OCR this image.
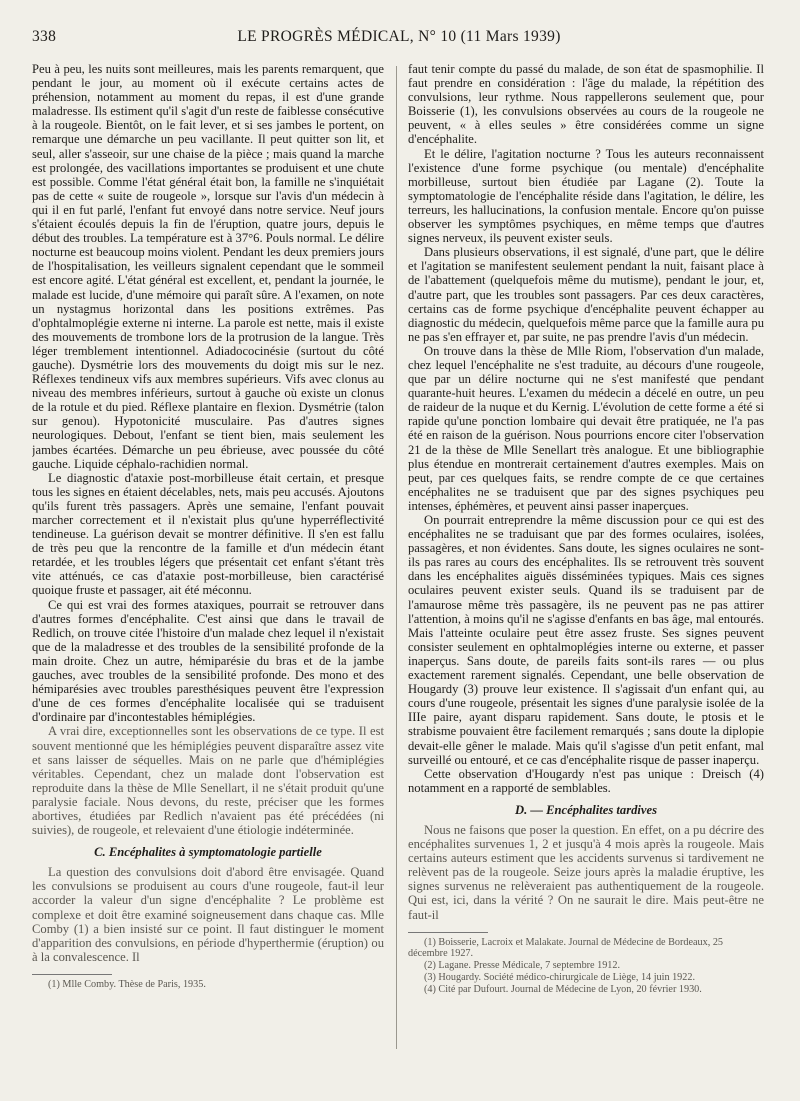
338	LE PROGRÈS MÉDICAL, N° 10 (11 Mars 1939)

Peu à peu, les nuits sont meilleures, mais les parents remarquent, que pendant le jour, au moment où il exécute certains actes de préhension, notamment au moment du repas, il est d'une grande maladresse. Ils estiment qu'il s'agit d'un reste de faiblesse consécutive à la rougeole. Bientôt, on le fait lever, et si ses jambes le portent, on remarque une démarche un peu vacillante. Il peut quitter son lit, et seul, aller s'asseoir, sur une chaise de la pièce ; mais quand la marche est prolongée, des vacillations importantes se produisent et une chute est possible. Comme l'état général était bon, la famille ne s'inquiétait pas de cette « suite de rougeole », lorsque sur l'avis d'un médecin à qui il en fut parlé, l'enfant fut envoyé dans notre service. Neuf jours s'étaient écoulés depuis la fin de l'éruption, quatre jours, depuis le début des troubles. La température est à 37°6. Pouls normal. Le délire nocturne est beaucoup moins violent. Pendant les deux premiers jours de l'hospitalisation, les veilleurs signalent cependant que le sommeil est encore agité. L'état général est excellent, et, pendant la journée, le malade est lucide, d'une mémoire qui paraît sûre. A l'examen, on note un nystagmus horizontal dans les positions extrêmes. Pas d'ophtalmoplégie externe ni interne. La parole est nette, mais il existe des mouvements de trombone lors de la protrusion de la langue. Très léger tremblement intentionnel. Adiadococinésie (surtout du côté gauche). Dysmétrie lors des mouvements du doigt mis sur le nez. Réflexes tendineux vifs aux membres supérieurs. Vifs avec clonus au niveau des membres inférieurs, surtout à gauche où existe un clonus de la rotule et du pied. Réflexe plantaire en flexion. Dysmétrie (talon sur genou). Hypotonicité musculaire. Pas d'autres signes neurologiques. Debout, l'enfant se tient bien, mais seulement les jambes écartées. Démarche un peu ébrieuse, avec poussée du côté gauche. Liquide céphalo-rachidien normal.

Le diagnostic d'ataxie post-morbilleuse était certain, et presque tous les signes en étaient décelables, nets, mais peu accusés. Ajoutons qu'ils furent très passagers. Après une semaine, l'enfant pouvait marcher correctement et il n'existait plus qu'une hyperréflectivité tendineuse. La guérison devait se montrer définitive. Il s'en est fallu de très peu que la rencontre de la famille et d'un médecin étant retardée, et les troubles légers que présentait cet enfant s'étant très vite atténués, ce cas d'ataxie post-morbilleuse, bien caractérisé quoique fruste et passager, ait été méconnu.

Ce qui est vrai des formes ataxiques, pourrait se retrouver dans d'autres formes d'encéphalite. C'est ainsi que dans le travail de Redlich, on trouve citée l'histoire d'un malade chez lequel il n'existait que de la maladresse et des troubles de la sensibilité profonde de la main droite. Chez un autre, hémiparésie du bras et de la jambe gauches, avec troubles de la sensibilité profonde. Des mono et des hémiparésies avec troubles paresthésiques peuvent être l'expression d'une de ces formes d'encéphalite localisée qui se traduisent d'ordinaire par d'incontestables hémiplégies.

A vrai dire, exceptionnelles sont les observations de ce type. Il est souvent mentionné que les hémiplégies peuvent disparaître assez vite et sans laisser de séquelles. Mais on ne parle que d'hémiplégies véritables. Cependant, chez un malade dont l'observation est reproduite dans la thèse de Mlle Senellart, il ne s'était produit qu'une paralysie faciale. Nous devons, du reste, préciser que les formes abortives, étudiées par Redlich n'avaient pas été précédées (ni suivies), de rougeole, et relevaient d'une étiologie indéterminée.

C. Encéphalites à symptomatologie partielle

La question des convulsions doit d'abord être envisagée. Quand les convulsions se produisent au cours d'une rougeole, faut-il leur accorder la valeur d'un signe d'encéphalite ? Le problème est complexe et doit être examiné soigneusement dans chaque cas. Mlle Comby (1) a bien insisté sur ce point. Il faut distinguer le moment d'apparition des convulsions, en période d'hyperthermie (éruption) ou à la convalescence. Il

(1) Mlle Comby. Thèse de Paris, 1935.

faut tenir compte du passé du malade, de son état de spasmophilie. Il faut prendre en considération : l'âge du malade, la répétition des convulsions, leur rythme. Nous rappellerons seulement que, pour Boisserie (1), les convulsions observées au cours de la rougeole ne peuvent, « à elles seules » être considérées comme un signe d'encéphalite.

Et le délire, l'agitation nocturne ? Tous les auteurs reconnaissent l'existence d'une forme psychique (ou mentale) d'encéphalite morbilleuse, surtout bien étudiée par Lagane (2). Toute la symptomatologie de l'encéphalite réside dans l'agitation, le délire, les terreurs, les hallucinations, la confusion mentale. Encore qu'on puisse observer les symptômes psychiques, en même temps que d'autres signes nerveux, ils peuvent exister seuls.

Dans plusieurs observations, il est signalé, d'une part, que le délire et l'agitation se manifestent seulement pendant la nuit, faisant place à de l'abattement (quelquefois même du mutisme), pendant le jour, et, d'autre part, que les troubles sont passagers. Par ces deux caractères, certains cas de forme psychique d'encéphalite peuvent échapper au diagnostic du médecin, quelquefois même parce que la famille aura pu ne pas s'en effrayer et, par suite, ne pas prendre l'avis d'un médecin.

On trouve dans la thèse de Mlle Riom, l'observation d'un malade, chez lequel l'encéphalite ne s'est traduite, au décours d'une rougeole, que par un délire nocturne qui ne s'est manifesté que pendant quarante-huit heures. L'examen du médecin a décelé en outre, un peu de raideur de la nuque et du Kernig. L'évolution de cette forme a été si rapide qu'une ponction lombaire qui devait être pratiquée, ne l'a pas été en raison de la guérison. Nous pourrions encore citer l'observation 21 de la thèse de Mlle Senellart très analogue. Et une bibliographie plus étendue en montrerait certainement d'autres exemples. Mais on peut, par ces quelques faits, se rendre compte de ce que certaines encéphalites ne se traduisent que par des signes psychiques peu intenses, éphémères, et peuvent ainsi passer inaperçues.

On pourrait entreprendre la même discussion pour ce qui est des encéphalites ne se traduisant que par des formes oculaires, isolées, passagères, et non évidentes. Sans doute, les signes oculaires ne sont-ils pas rares au cours des encéphalites. Ils se retrouvent très souvent dans les encéphalites aiguës disséminées typiques. Mais ces signes oculaires peuvent exister seuls. Quand ils se traduisent par de l'amaurose même très passagère, ils ne peuvent pas ne pas attirer l'attention, à moins qu'il ne s'agisse d'enfants en bas âge, mal entourés. Mais l'atteinte oculaire peut être assez fruste. Ses signes peuvent consister seulement en ophtalmoplégies interne ou externe, et passer inaperçus. Sans doute, de pareils faits sont-ils rares — ou plus exactement rarement signalés. Cependant, une belle observation de Hougardy (3) prouve leur existence. Il s'agissait d'un enfant qui, au cours d'une rougeole, présentait les signes d'une paralysie isolée de la IIIe paire, ayant disparu rapidement. Sans doute, le ptosis et le strabisme pouvaient être facilement remarqués ; sans doute la diplopie devait-elle gêner le malade. Mais qu'il s'agisse d'un petit enfant, mal surveillé ou entouré, et ce cas d'encéphalite risque de passer inaperçu.

Cette observation d'Hougardy n'est pas unique : Dreisch (4) notamment en a rapporté de semblables.

D. — Encéphalites tardives

Nous ne faisons que poser la question. En effet, on a pu décrire des encéphalites survenues 1, 2 et jusqu'à 4 mois après la rougeole. Mais certains auteurs estiment que les accidents survenus si tardivement ne relèvent pas de la rougeole. Seize jours après la maladie éruptive, les signes survenus ne relèveraient pas authentiquement de la rougeole. Qui est, ici, dans la vérité ? On ne saurait le dire. Mais peut-être ne faut-il

(1) Boisserie, Lacroix et Malakate. Journal de Médecine de Bordeaux, 25 décembre 1927.

(2) Lagane. Presse Médicale, 7 septembre 1912.

(3) Hougardy. Société médico-chirurgicale de Liège, 14 juin 1922.

(4) Cité par Dufourt. Journal de Médecine de Lyon, 20 février 1930.
